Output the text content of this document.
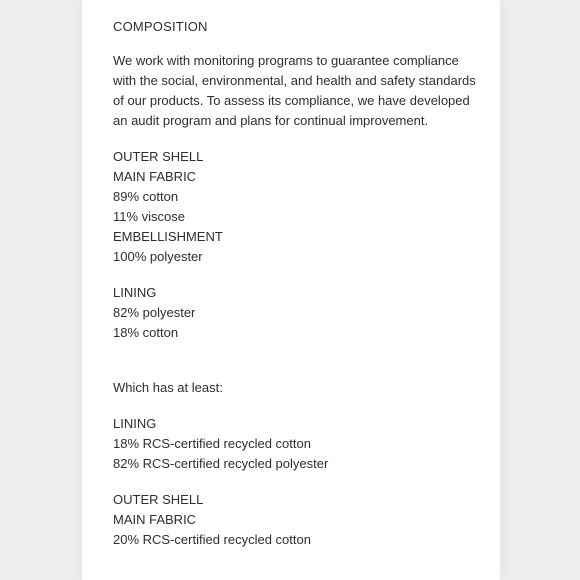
COMPOSITION
We work with monitoring programs to guarantee compliance with the social, environmental, and health and safety standards of our products. To assess its compliance, we have developed an audit program and plans for continual improvement.
OUTER SHELL
MAIN FABRIC
89% cotton
11% viscose
EMBELLISHMENT
100% polyester
LINING
82% polyester
18% cotton
Which has at least:
LINING
18% RCS-certified recycled cotton
82% RCS-certified recycled polyester
OUTER SHELL
MAIN FABRIC
20% RCS-certified recycled cotton
